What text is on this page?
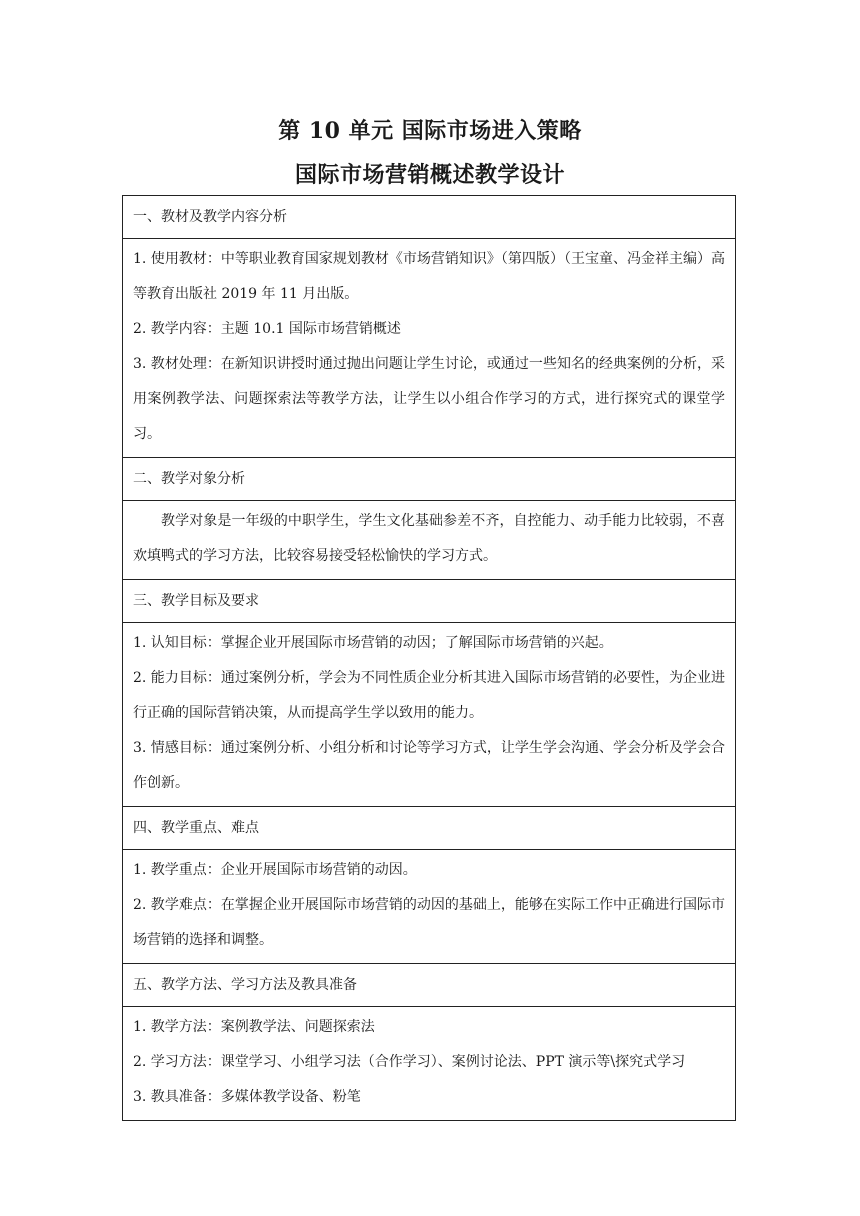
第 10 单元 国际市场进入策略
国际市场营销概述教学设计
一、教材及教学内容分析

1. 使用教材：中等职业教育国家规划教材《市场营销知识》（第四版）（王宝童、冯金祥主编）高等教育出版社 2019 年 11 月出版。

2. 教学内容：主题 10.1 国际市场营销概述

3. 教材处理：在新知识讲授时通过抛出问题让学生讨论，或通过一些知名的经典案例的分析，采用案例教学法、问题探索法等教学方法，让学生以小组合作学习的方式，进行探究式的课堂学习。

二、教学对象分析

教学对象是一年级的中职学生，学生文化基础参差不齐，自控能力、动手能力比较弱，不喜欢填鸭式的学习方法，比较容易接受轻松愉快的学习方式。

三、教学目标及要求

1. 认知目标：掌握企业开展国际市场营销的动因；了解国际市场营销的兴起。

2. 能力目标：通过案例分析，学会为不同性质企业分析其进入国际市场营销的必要性，为企业进行正确的国际营销决策，从而提高学生学以致用的能力。

3. 情感目标：通过案例分析、小组分析和讨论等学习方式，让学生学会沟通、学会分析及学会合作创新。

四、教学重点、难点

1. 教学重点：企业开展国际市场营销的动因。

2. 教学难点：在掌握企业开展国际市场营销的动因的基础上，能够在实际工作中正确进行国际市场营销的选择和调整。

五、教学方法、学习方法及教具准备

1. 教学方法：案例教学法、问题探索法

2. 学习方法：课堂学习、小组学习法（合作学习）、案例讨论法、PPT 演示等\探究式学习

3. 教具准备：多媒体教学设备、粉笔
